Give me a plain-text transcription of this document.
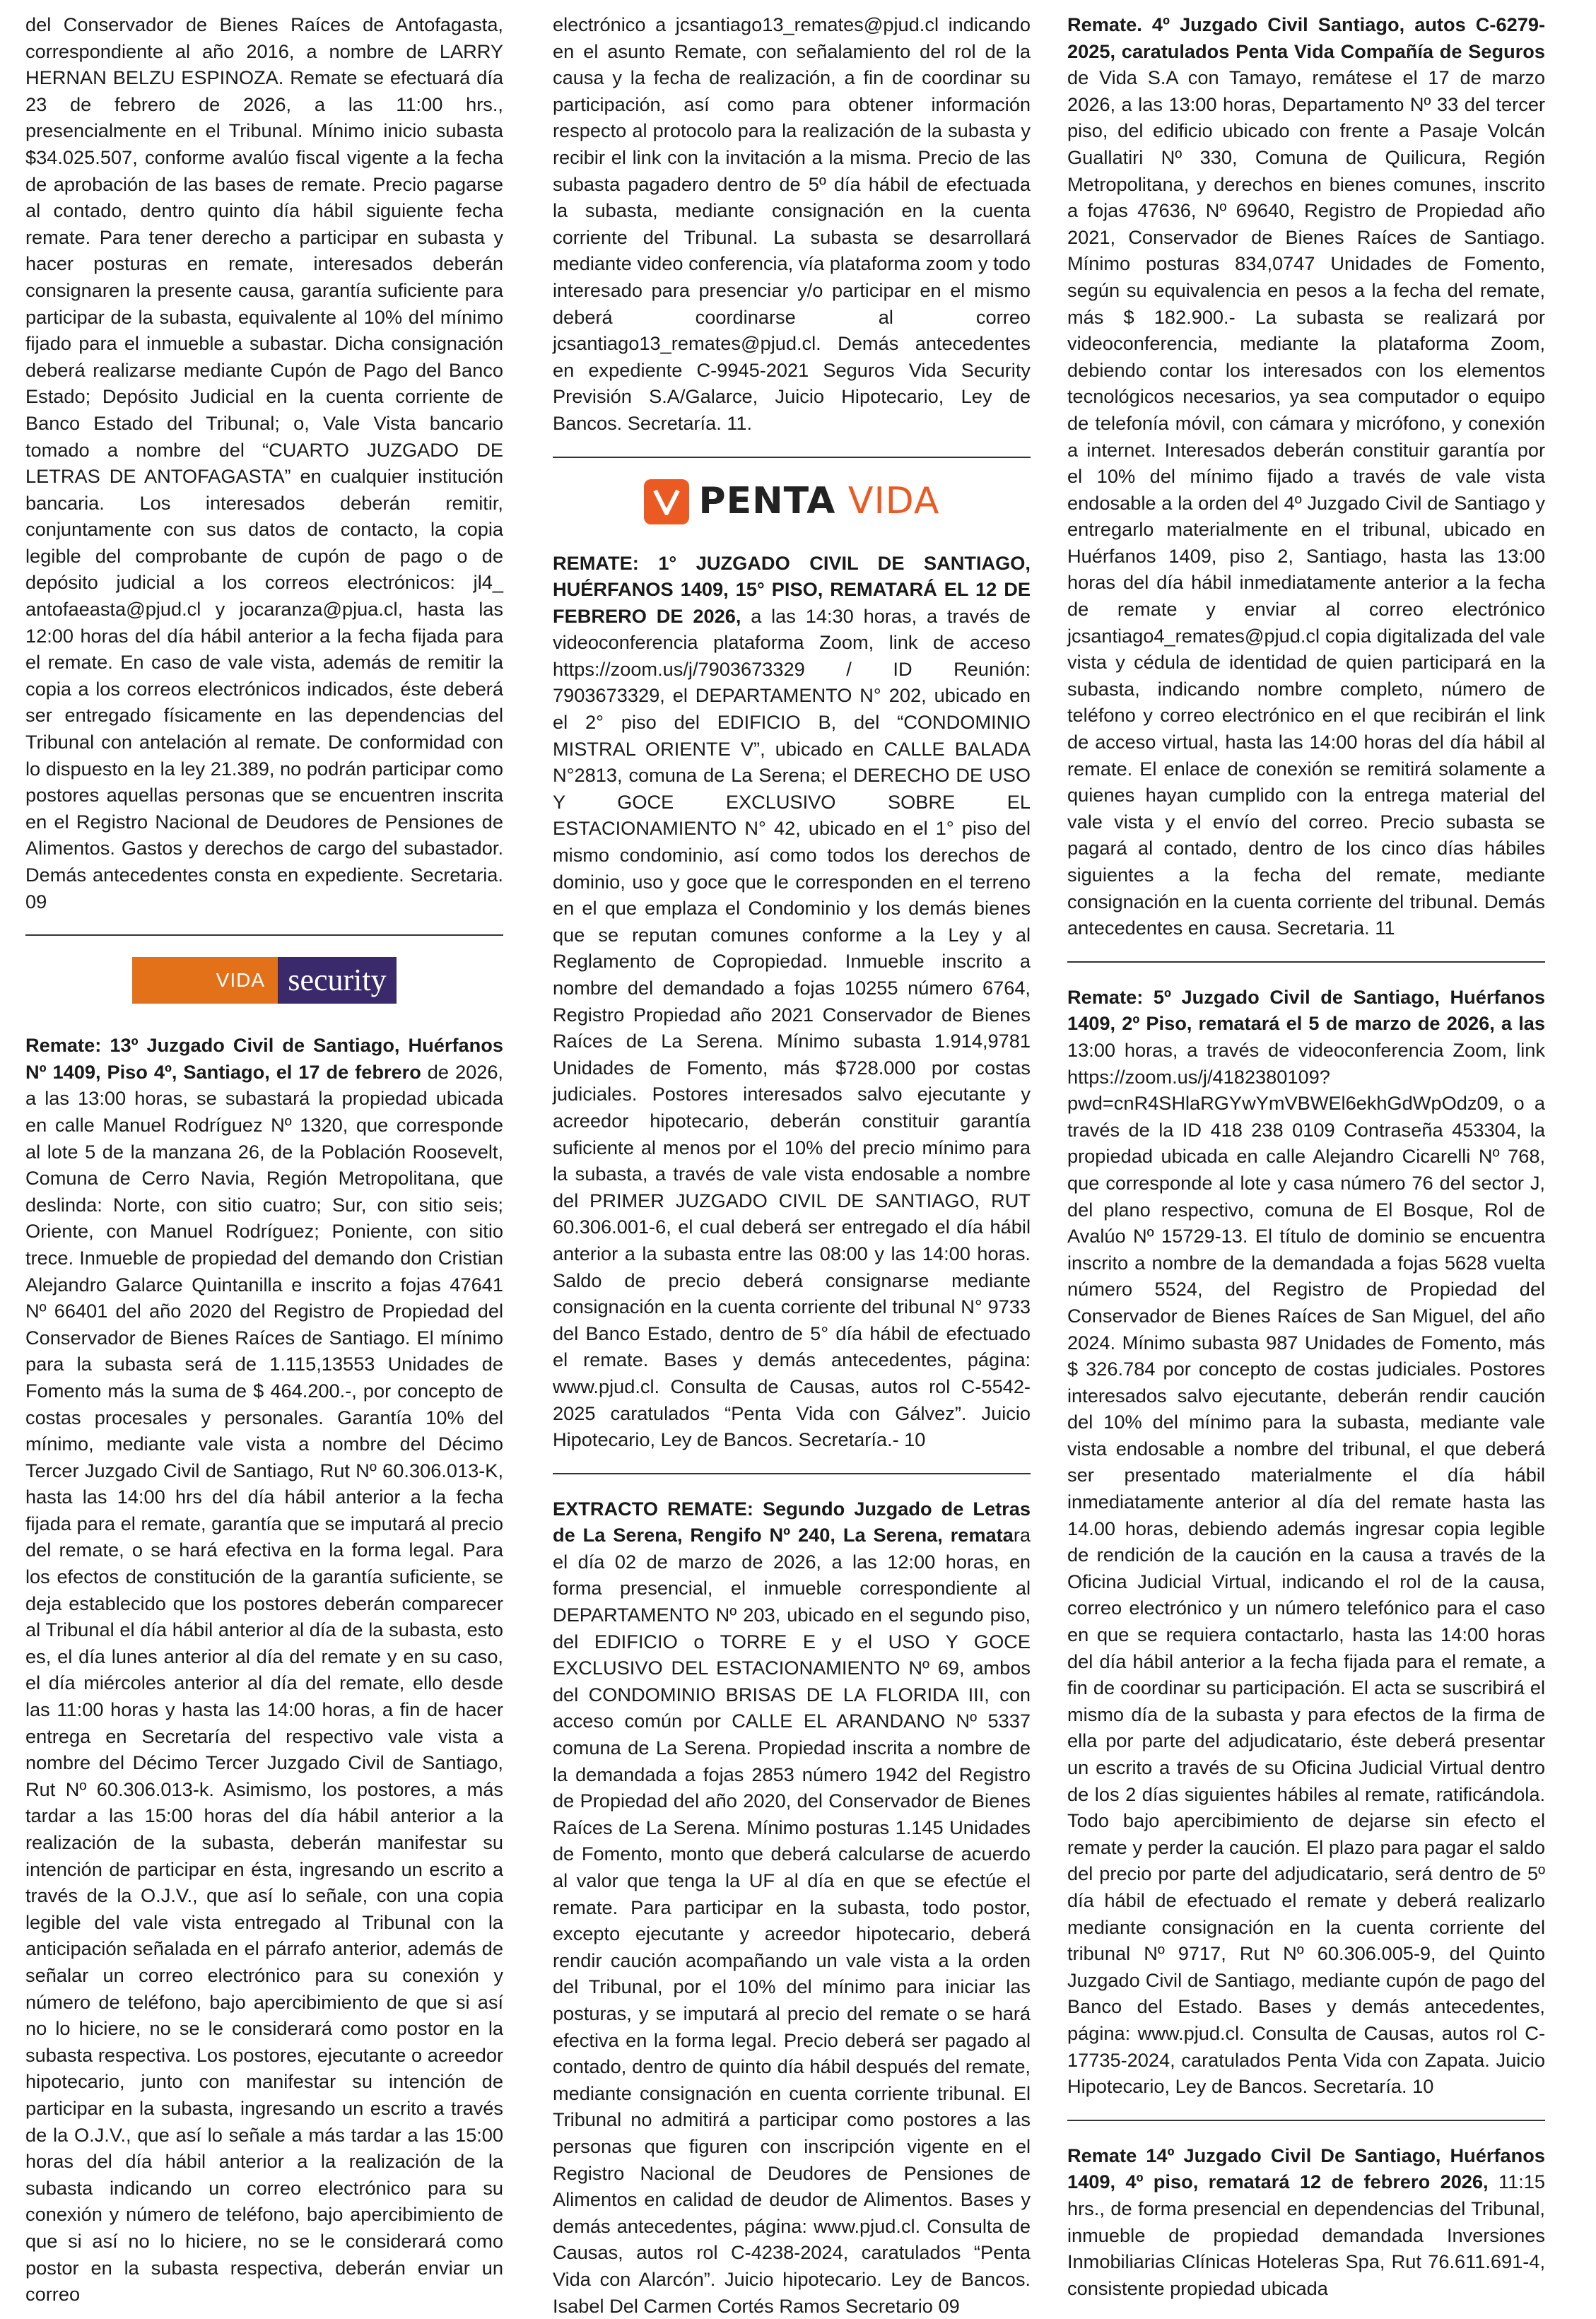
del Conservador de Bienes Raíces de Antofagasta, correspondiente al año 2016, a nombre de LARRY HERNAN BELZU ESPINOZA. Remate se efectuará día 23 de febrero de 2026, a las 11:00 hrs., presencialmente en el Tribunal. Mínimo inicio subasta $34.025.507, conforme avalúo fiscal vigente a la fecha de aprobación de las bases de remate. Precio pagarse al contado, dentro quinto día hábil siguiente fecha remate. Para tener derecho a participar en subasta y hacer posturas en remate, interesados deberán consignaren la presente causa, garantía suficiente para participar de la subasta, equivalente al 10% del mínimo fijado para el inmueble a subastar. Dicha consignación deberá realizarse mediante Cupón de Pago del Banco Estado; Depósito Judicial en la cuenta corriente de Banco Estado del Tribunal; o, Vale Vista bancario tomado a nombre del “CUARTO JUZGADO DE LETRAS DE ANTOFAGASTA” en cualquier institución bancaria. Los interesados deberán remitir, conjuntamente con sus datos de contacto, la copia legible del comprobante de cupón de pago o de depósito judicial a los correos electrónicos: jl4_ antofaeasta@pjud.cl y jocaranza@pjua.cl, hasta las 12:00 horas del día hábil anterior a la fecha fijada para el remate. En caso de vale vista, además de remitir la copia a los correos electrónicos indicados, éste deberá ser entregado físicamente en las dependencias del Tribunal con antelación al remate. De conformidad con lo dispuesto en la ley 21.389, no podrán participar como postores aquellas personas que se encuentren inscrita en el Registro Nacional de Deudores de Pensiones de Alimentos. Gastos y derechos de cargo del subastador. Demás antecedentes consta en expediente. Secretaria. 09

VIDA security

Remate: 13º Juzgado Civil de Santiago, Huérfanos Nº 1409, Piso 4º, Santiago, el 17 de febrero de 2026, a las 13:00 horas, se subastará la propiedad ubicada en calle Manuel Rodríguez Nº 1320, que corresponde al lote 5 de la manzana 26, de la Población Roosevelt, Comuna de Cerro Navia, Región Metropolitana, que deslinda: Norte, con sitio cuatro; Sur, con sitio seis; Oriente, con Manuel Rodríguez; Poniente, con sitio trece. Inmueble de propiedad del demando don Cristian Alejandro Galarce Quintanilla e inscrito a fojas 47641 Nº 66401 del año 2020 del Registro de Propiedad del Conservador de Bienes Raíces de Santiago. El mínimo para la subasta será de 1.115,13553 Unidades de Fomento más la suma de $ 464.200.-, por concepto de costas procesales y personales. Garantía 10% del mínimo, mediante vale vista a nombre del Décimo Tercer Juzgado Civil de Santiago, Rut Nº 60.306.013-K, hasta las 14:00 hrs del día hábil anterior a la fecha fijada para el remate, garantía que se imputará al precio del remate, o se hará efectiva en la forma legal. Para los efectos de constitución de la garantía suficiente, se deja establecido que los postores deberán comparecer al Tribunal el día hábil anterior al día de la subasta, esto es, el día lunes anterior al día del remate y en su caso, el día miércoles anterior al día del remate, ello desde las 11:00 horas y hasta las 14:00 horas, a fin de hacer entrega en Secretaría del respectivo vale vista a nombre del Décimo Tercer Juzgado Civil de Santiago, Rut Nº 60.306.013-k. Asimismo, los postores, a más tardar a las 15:00 horas del día hábil anterior a la realización de la subasta, deberán manifestar su intención de participar en ésta, ingresando un escrito a través de la O.J.V., que así lo señale, con una copia legible del vale vista entregado al Tribunal con la anticipación señalada en el párrafo anterior, además de señalar un correo electrónico para su conexión y número de teléfono, bajo apercibimiento de que si así no lo hiciere, no se le considerará como postor en la subasta respectiva. Los postores, ejecutante o acreedor hipotecario, junto con manifestar su intención de participar en la subasta, ingresando un escrito a través de la O.J.V., que así lo señale a más tardar a las 15:00 horas del día hábil anterior a la realización de la subasta indicando un correo electrónico para su conexión y número de teléfono, bajo apercibimiento de que si así no lo hiciere, no se le considerará como postor en la subasta respectiva, deberán enviar un correo

electrónico a jcsantiago13_remates@pjud.cl indicando en el asunto Remate, con señalamiento del rol de la causa y la fecha de realización, a fin de coordinar su participación, así como para obtener información respecto al protocolo para la realización de la subasta y recibir el link con la invitación a la misma. Precio de las subasta pagadero dentro de 5º día hábil de efectuada la subasta, mediante consignación en la cuenta corriente del Tribunal. La subasta se desarrollará mediante video conferencia, vía plataforma zoom y todo interesado para presenciar y/o participar en el mismo deberá coordinarse al correo jcsantiago13_remates@pjud.cl. Demás antecedentes en expediente C-9945-2021 Seguros Vida Security Previsión S.A/Galarce, Juicio Hipotecario, Ley de Bancos. Secretaría. 11.

PENTA VIDA

REMATE: 1° JUZGADO CIVIL DE SANTIAGO, HUÉRFANOS 1409, 15° PISO, REMATARÁ EL 12 DE FEBRERO DE 2026, a las 14:30 horas, a través de videoconferencia plataforma Zoom, link de acceso https://zoom.us/j/7903673329 / ID Reunión: 7903673329, el DEPARTAMENTO N° 202, ubicado en el 2° piso del EDIFICIO B, del “CONDOMINIO MISTRAL ORIENTE V”, ubicado en CALLE BALADA N°2813, comuna de La Serena; el DERECHO DE USO Y GOCE EXCLUSIVO SOBRE EL ESTACIONAMIENTO N° 42, ubicado en el 1° piso del mismo condominio, así como todos los derechos de dominio, uso y goce que le corresponden en el terreno en el que emplaza el Condominio y los demás bienes que se reputan comunes conforme a la Ley y al Reglamento de Copropiedad. Inmueble inscrito a nombre del demandado a fojas 10255 número 6764, Registro Propiedad año 2021 Conservador de Bienes Raíces de La Serena. Mínimo subasta 1.914,9781 Unidades de Fomento, más $728.000 por costas judiciales. Postores interesados salvo ejecutante y acreedor hipotecario, deberán constituir garantía suficiente al menos por el 10% del precio mínimo para la subasta, a través de vale vista endosable a nombre del PRIMER JUZGADO CIVIL DE SANTIAGO, RUT 60.306.001-6, el cual deberá ser entregado el día hábil anterior a la subasta entre las 08:00 y las 14:00 horas. Saldo de precio deberá consignarse mediante consignación en la cuenta corriente del tribunal N° 9733 del Banco Estado, dentro de 5° día hábil de efectuado el remate. Bases y demás antecedentes, página: www.pjud.cl. Consulta de Causas, autos rol C-5542-2025 caratulados “Penta Vida con Gálvez”. Juicio Hipotecario, Ley de Bancos. Secretaría.- 10

EXTRACTO REMATE: Segundo Juzgado de Letras de La Serena, Rengifo Nº 240, La Serena, rematara el día 02 de marzo de 2026, a las 12:00 horas, en forma presencial, el inmueble correspondiente al DEPARTAMENTO Nº 203, ubicado en el segundo piso, del EDIFICIO o TORRE E y el USO Y GOCE EXCLUSIVO DEL ESTACIONAMIENTO Nº 69, ambos del CONDOMINIO BRISAS DE LA FLORIDA III, con acceso común por CALLE EL ARANDANO Nº 5337 comuna de La Serena. Propiedad inscrita a nombre de la demandada a fojas 2853 número 1942 del Registro de Propiedad del año 2020, del Conservador de Bienes Raíces de La Serena. Mínimo posturas 1.145 Unidades de Fomento, monto que deberá calcularse de acuerdo al valor que tenga la UF al día en que se efectúe el remate. Para participar en la subasta, todo postor, excepto ejecutante y acreedor hipotecario, deberá rendir caución acompañando un vale vista a la orden del Tribunal, por el 10% del mínimo para iniciar las posturas, y se imputará al precio del remate o se hará efectiva en la forma legal. Precio deberá ser pagado al contado, dentro de quinto día hábil después del remate, mediante consignación en cuenta corriente tribunal. El Tribunal no admitirá a participar como postores a las personas que figuren con inscripción vigente en el Registro Nacional de Deudores de Pensiones de Alimentos en calidad de deudor de Alimentos. Bases y demás antecedentes, página: www.pjud.cl. Consulta de Causas, autos rol C-4238-2024, caratulados “Penta Vida con Alarcón”. Juicio hipotecario. Ley de Bancos. Isabel Del Carmen Cortés Ramos Secretario 09

Remate. 4º Juzgado Civil Santiago, autos C-6279-2025, caratulados Penta Vida Compañía de Seguros de Vida S.A con Tamayo, remátese el 17 de marzo 2026, a las 13:00 horas, Departamento Nº 33 del tercer piso, del edificio ubicado con frente a Pasaje Volcán Guallatiri Nº 330, Comuna de Quilicura, Región Metropolitana, y derechos en bienes comunes, inscrito a fojas 47636, Nº 69640, Registro de Propiedad año 2021, Conservador de Bienes Raíces de Santiago. Mínimo posturas 834,0747 Unidades de Fomento, según su equivalencia en pesos a la fecha del remate, más $ 182.900.- La subasta se realizará por videoconferencia, mediante la plataforma Zoom, debiendo contar los interesados con los elementos tecnológicos necesarios, ya sea computador o equipo de telefonía móvil, con cámara y micrófono, y conexión a internet. Interesados deberán constituir garantía por el 10% del mínimo fijado a través de vale vista endosable a la orden del 4º Juzgado Civil de Santiago y entregarlo materialmente en el tribunal, ubicado en Huérfanos 1409, piso 2, Santiago, hasta las 13:00 horas del día hábil inmediatamente anterior a la fecha de remate y enviar al correo electrónico jcsantiago4_remates@pjud.cl copia digitalizada del vale vista y cédula de identidad de quien participará en la subasta, indicando nombre completo, número de teléfono y correo electrónico en el que recibirán el link de acceso virtual, hasta las 14:00 horas del día hábil al remate. El enlace de conexión se remitirá solamente a quienes hayan cumplido con la entrega material del vale vista y el envío del correo. Precio subasta se pagará al contado, dentro de los cinco días hábiles siguientes a la fecha del remate, mediante consignación en la cuenta corriente del tribunal. Demás antecedentes en causa. Secretaria. 11

Remate: 5º Juzgado Civil de Santiago, Huérfanos 1409, 2º Piso, rematará el 5 de marzo de 2026, a las 13:00 horas, a través de videoconferencia Zoom, link https://zoom.us/j/4182380109?pwd=cnR4SHlaRGYwYmVBWEl6ekhGdWpOdz09, o a través de la ID 418 238 0109 Contraseña 453304, la propiedad ubicada en calle Alejandro Cicarelli Nº 768, que corresponde al lote y casa número 76 del sector J, del plano respectivo, comuna de El Bosque, Rol de Avalúo Nº 15729-13. El título de dominio se encuentra inscrito a nombre de la demandada a fojas 5628 vuelta número 5524, del Registro de Propiedad del Conservador de Bienes Raíces de San Miguel, del año 2024. Mínimo subasta 987 Unidades de Fomento, más $ 326.784 por concepto de costas judiciales. Postores interesados salvo ejecutante, deberán rendir caución del 10% del mínimo para la subasta, mediante vale vista endosable a nombre del tribunal, el que deberá ser presentado materialmente el día hábil inmediatamente anterior al día del remate hasta las 14.00 horas, debiendo además ingresar copia legible de rendición de la caución en la causa a través de la Oficina Judicial Virtual, indicando el rol de la causa, correo electrónico y un número telefónico para el caso en que se requiera contactarlo, hasta las 14:00 horas del día hábil anterior a la fecha fijada para el remate, a fin de coordinar su participación. El acta se suscribirá el mismo día de la subasta y para efectos de la firma de ella por parte del adjudicatario, éste deberá presentar un escrito a través de su Oficina Judicial Virtual dentro de los 2 días siguientes hábiles al remate, ratificándola. Todo bajo apercibimiento de dejarse sin efecto el remate y perder la caución. El plazo para pagar el saldo del precio por parte del adjudicatario, será dentro de 5º día hábil de efectuado el remate y deberá realizarlo mediante consignación en la cuenta corriente del tribunal Nº 9717, Rut Nº 60.306.005-9, del Quinto Juzgado Civil de Santiago, mediante cupón de pago del Banco del Estado. Bases y demás antecedentes, página: www.pjud.cl. Consulta de Causas, autos rol C-17735-2024, caratulados Penta Vida con Zapata. Juicio Hipotecario, Ley de Bancos. Secretaría. 10

Remate 14º Juzgado Civil De Santiago, Huérfanos 1409, 4º piso, rematará 12 de febrero 2026, 11:15 hrs., de forma presencial en dependencias del Tribunal, inmueble de propiedad demandada Inversiones Inmobiliarias Clínicas Hoteleras Spa, Rut 76.611.691-4, consistente propiedad ubicada
